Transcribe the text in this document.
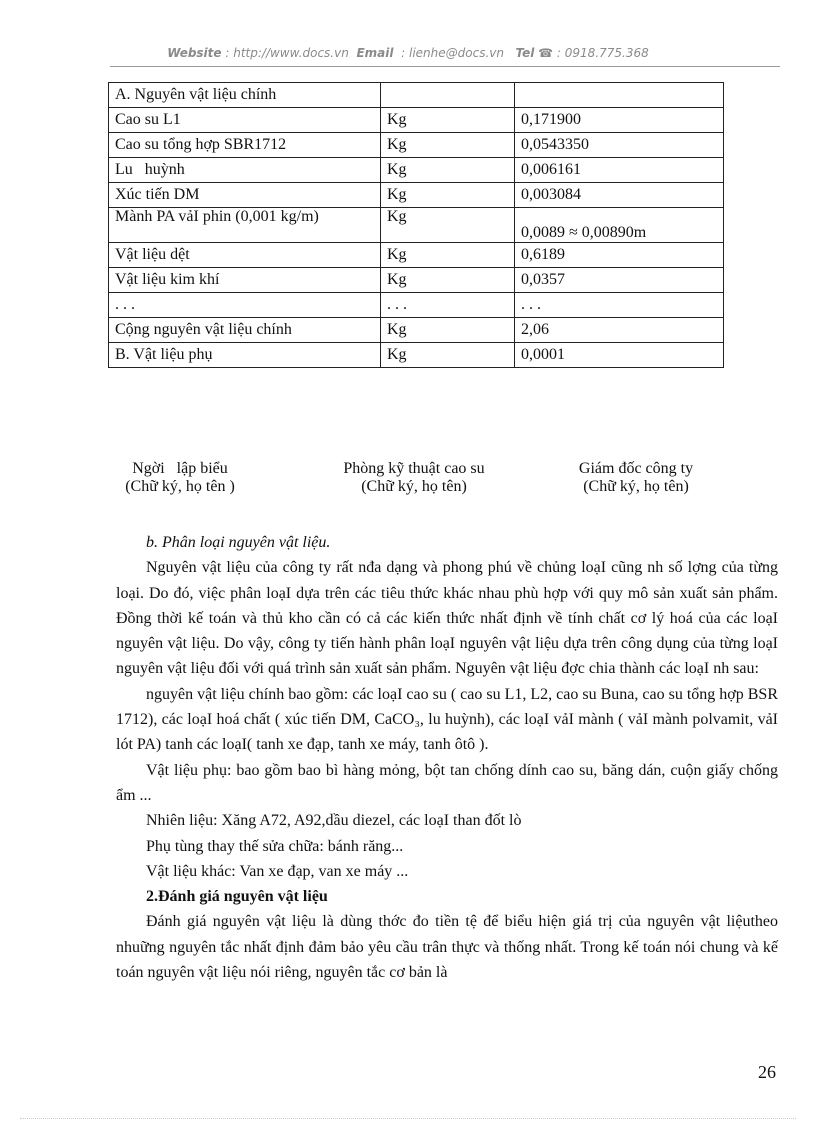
Website : http://www.docs.vn Email : lienhe@docs.vn Tel ☎ : 0918.775.368
A. Nguyên vật liệu chính		
Cao su L1	Kg	0,171900
Cao su tổng hợp SBR1712	Kg	0,0543350
Lu   huỳnh	Kg	0,006161
Xúc tiến DM	Kg	0,003084
Mành PA vảI phin (0,001 kg/m)	Kg	0,0089 ≈ 0,00890m
Vật liệu dệt	Kg	0,6189
Vật liệu kim khí	Kg	0,0357
. . .	. . .	. . .
Cộng nguyên vật liệu chính	Kg	2,06
B. Vật liệu phụ	Kg	0,0001
Ngời   lập biểu
(Chữ ký, họ tên )
Phòng kỹ thuật cao su
(Chữ ký, họ tên)
Giám đốc công ty
(Chữ ký, họ tên)

b. Phân loại nguyên vật liệu.

Nguyên vật liệu của công ty rất nđa dạng và phong phú về chủng loạI cũng nh số lợng của từng loại. Do đó, việc phân loạI dựa trên các tiêu thức khác nhau phù hợp với quy mô sản xuất sản phẩm. Đồng thời kế toán và thủ kho cần có cả các kiến thức nhất định về tính chất cơ lý hoá của các loạI nguyên vật liệu. Do vậy, công ty tiến hành phân loạI nguyên vật liệu dựa trên công dụng của từng loạI nguyên vật liệu đối với quá trình sản xuất sản phẩm. Nguyên vật liệu đợc chia thành các loạI nh sau:

nguyên vật liệu chính bao gồm: các loạI cao su ( cao su L1, L2, cao su Buna, cao su tổng hợp BSR 1712), các loạI hoá chất ( xúc tiến DM, CaCO₃, lu huỳnh), các loạI vảI mành ( vảI mành polvamit, vảI lót PA) tanh các loạI( tanh xe đạp, tanh xe máy, tanh ôtô ).

Vật liệu phụ: bao gồm bao bì hàng mỏng, bột tan chống dính cao su, băng dán, cuộn giấy chống ẩm ...

Nhiên liệu: Xăng A72, A92,dầu diezel, các loạI than đốt lò

Phụ tùng thay thế sửa chữa: bánh răng...

Vật liệu khác: Van xe đạp, van xe máy ...

2.Đánh giá nguyên vật liệu

Đánh giá nguyên vật liệu là dùng thớc đo tiền tệ để biểu hiện giá trị của nguyên vật liệutheo nhuững nguyên tắc nhất định đảm bảo yêu cầu trân thực và thống nhất. Trong kế toán nói chung và kế toán nguyên vật liệu nói riêng, nguyên tắc cơ bản là

26
